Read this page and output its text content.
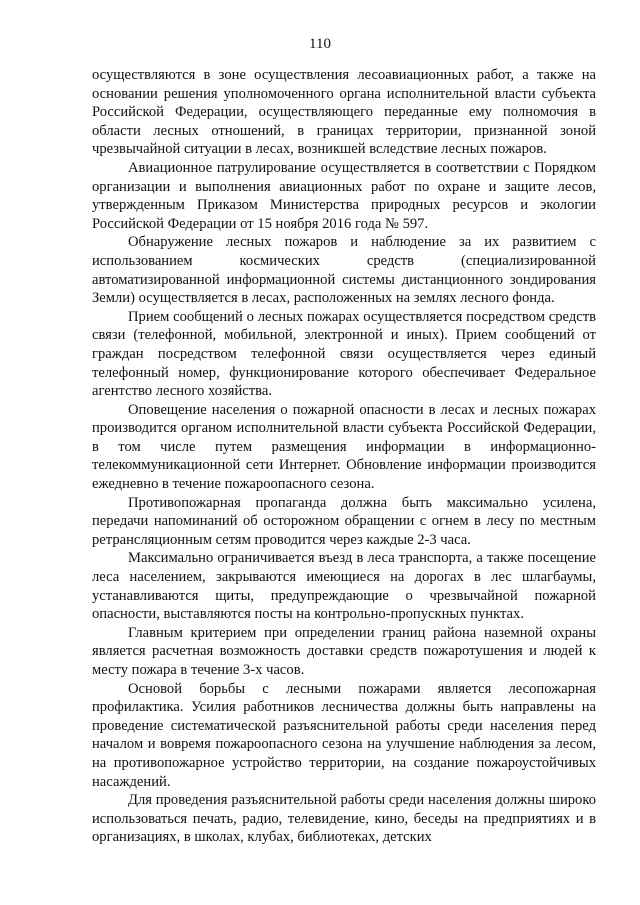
110

осуществляются в зоне осуществления лесоавиационных работ, а также на основании решения уполномоченного органа исполнительной власти субъекта Российской Федерации, осуществляющего переданные ему полномочия в области лесных отношений, в границах территории, признанной зоной чрезвычайной ситуации в лесах, возникшей вследствие лесных пожаров.

Авиационное патрулирование осуществляется в соответствии с Порядком организации и выполнения авиационных работ по охране и защите лесов, утвержденным Приказом Министерства природных ресурсов и экологии Российской Федерации от 15 ноября 2016 года № 597.

Обнаружение лесных пожаров и наблюдение за их развитием с использованием космических средств (специализированной автоматизированной информационной системы дистанционного зондирования Земли) осуществляется в лесах, расположенных на землях лесного фонда.

Прием сообщений о лесных пожарах осуществляется посредством средств связи (телефонной, мобильной, электронной и иных). Прием сообщений от граждан посредством телефонной связи осуществляется через единый телефонный номер, функционирование которого обеспечивает Федеральное агентство лесного хозяйства.

Оповещение населения о пожарной опасности в лесах и лесных пожарах производится органом исполнительной власти субъекта Российской Федерации, в том числе путем размещения информации в информационно-телекоммуникационной сети Интернет. Обновление информации производится ежедневно в течение пожароопасного сезона.

Противопожарная пропаганда должна быть максимально усилена, передачи напоминаний об осторожном обращении с огнем в лесу по местным ретрансляционным сетям проводится через каждые 2-3 часа.

Максимально ограничивается въезд в леса транспорта, а также посещение леса населением, закрываются имеющиеся на дорогах в лес шлагбаумы, устанавливаются щиты, предупреждающие о чрезвычайной пожарной опасности, выставляются посты на контрольно-пропускных пунктах.

Главным критерием при определении границ района наземной охраны является расчетная возможность доставки средств пожаротушения и людей к месту пожара в течение 3-х часов.

Основой борьбы с лесными пожарами является лесопожарная профилактика. Усилия работников лесничества должны быть направлены на проведение систематической разъяснительной работы среди населения перед началом и вовремя пожароопасного сезона на улучшение наблюдения за лесом, на противопожарное устройство территории, на создание пожароустойчивых насаждений.

Для проведения разъяснительной работы среди населения должны широко использоваться печать, радио, телевидение, кино, беседы на предприятиях и в организациях, в школах, клубах, библиотеках, детских
